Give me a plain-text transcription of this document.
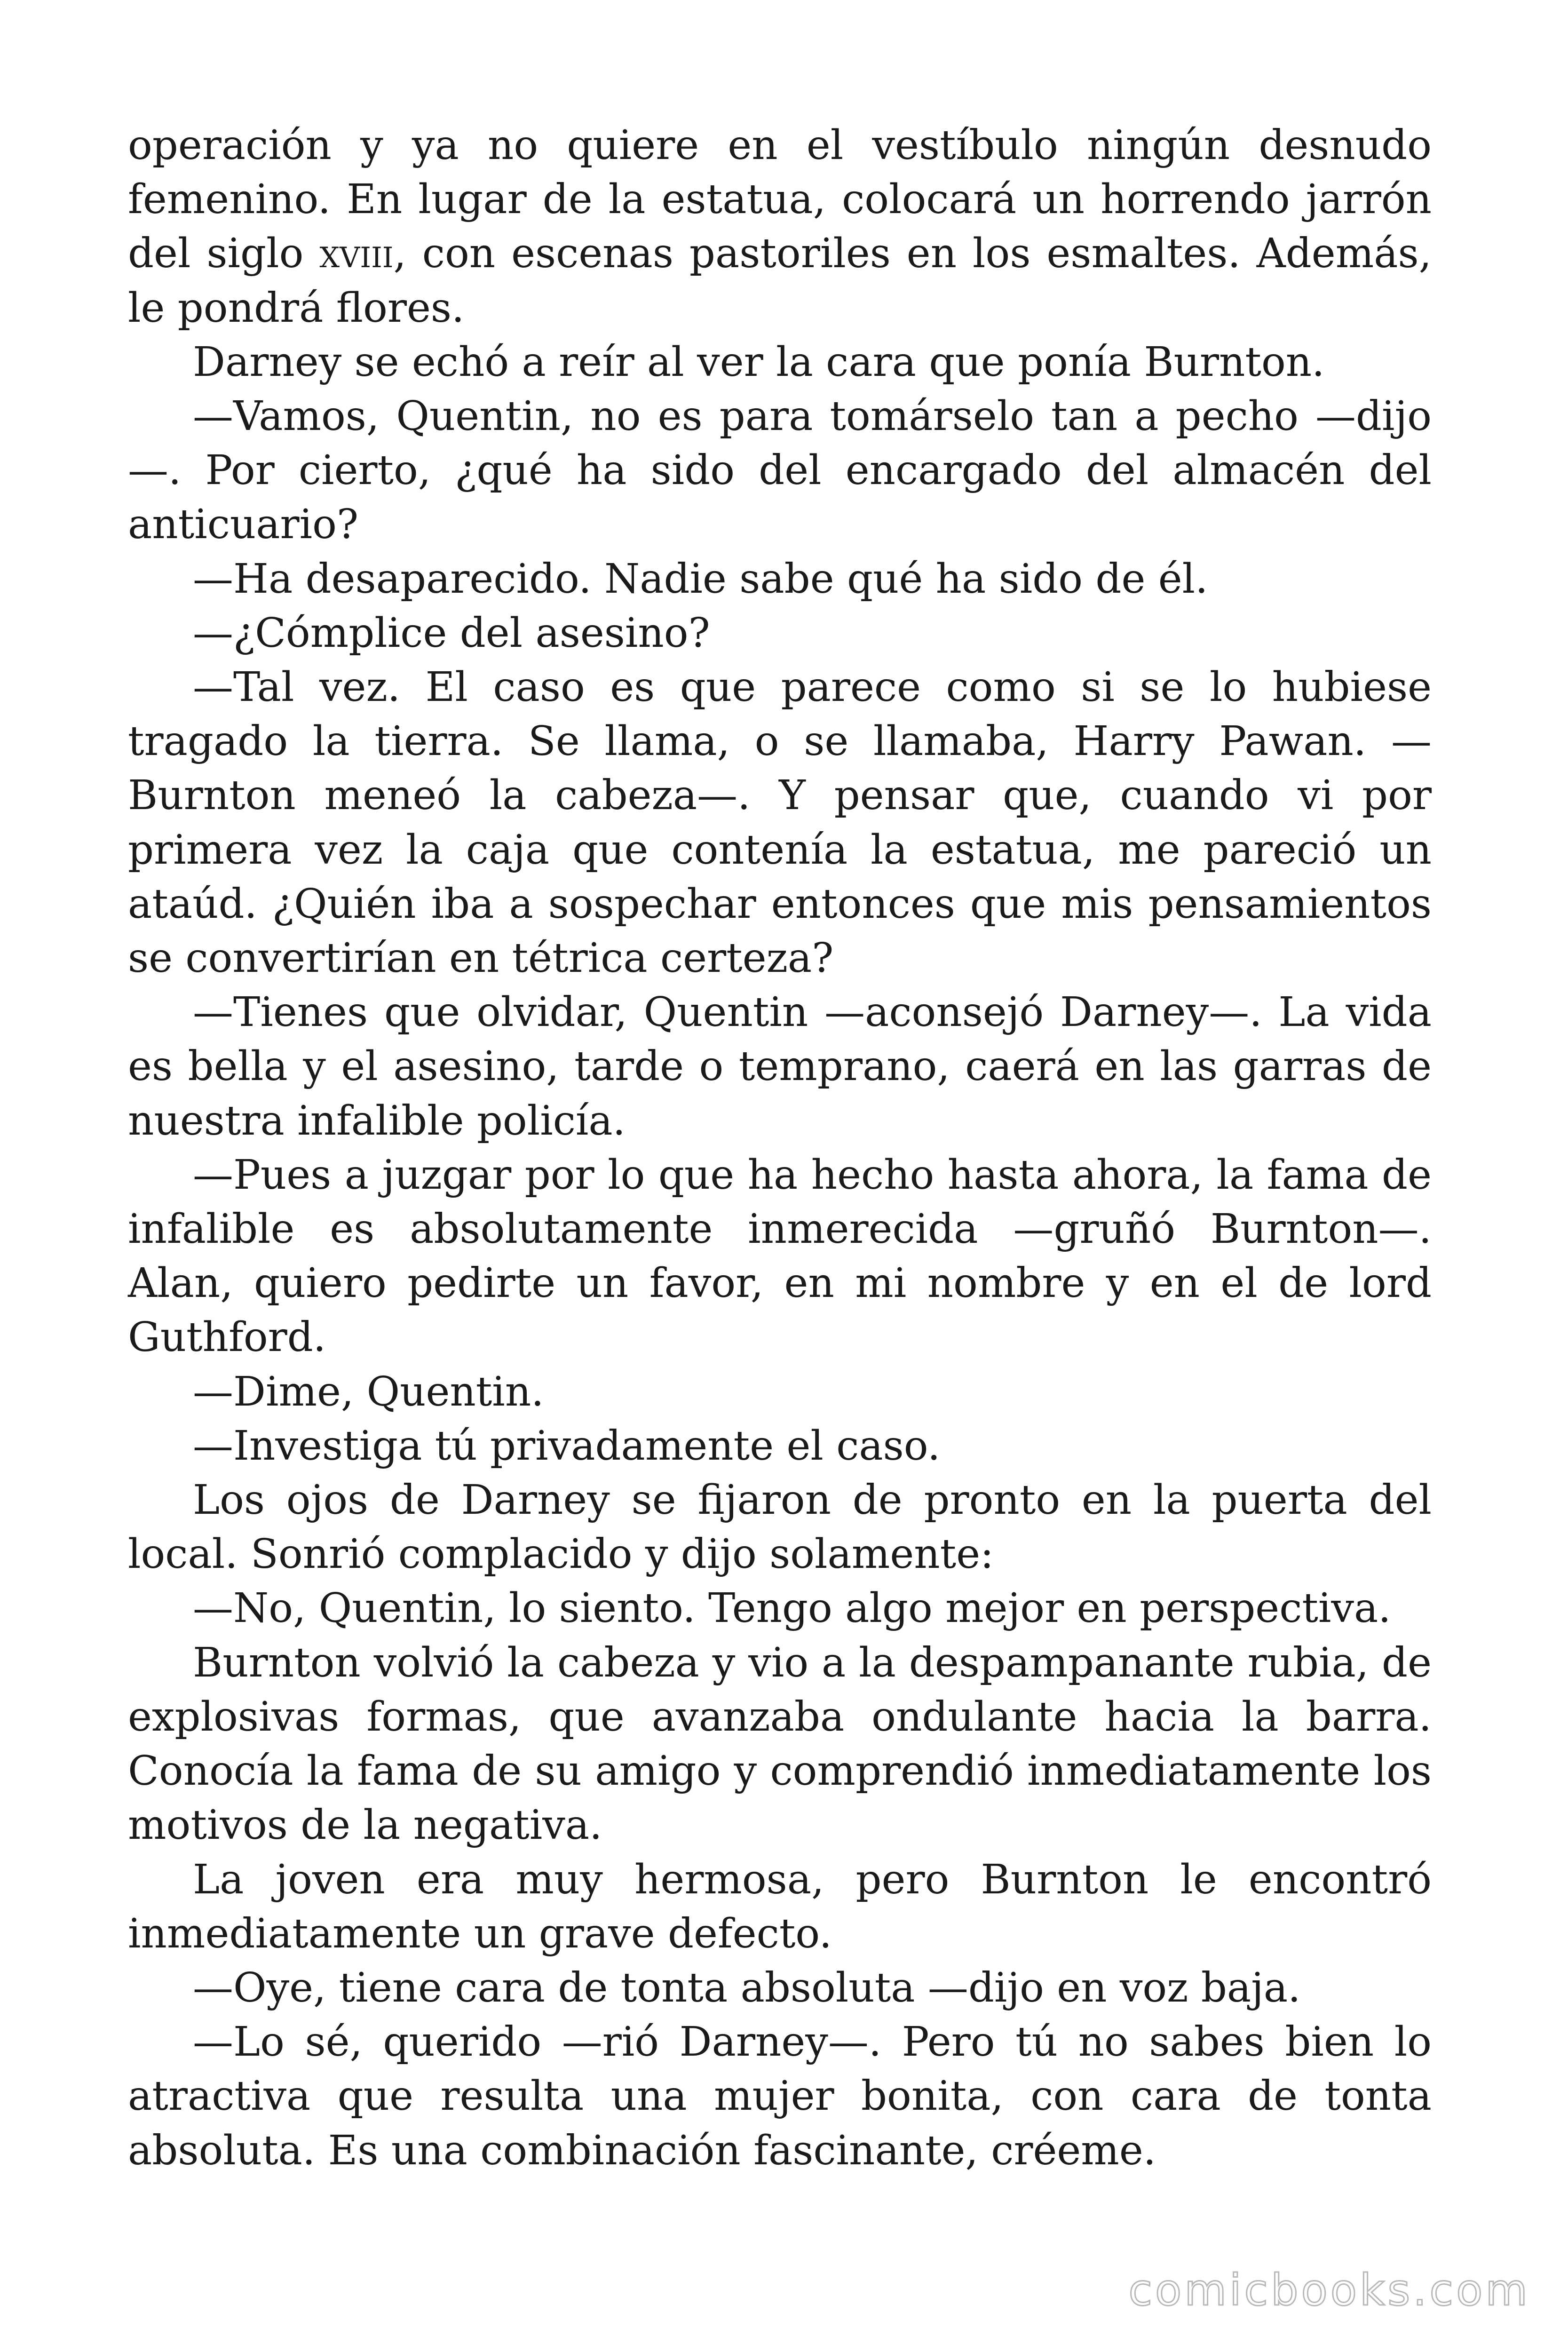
operación y ya no quiere en el vestíbulo ningún desnudo femenino. En lugar de la estatua, colocará un horrendo jarrón del siglo xviii, con escenas pastoriles en los esmaltes. Además, le pondrá flores.

Darney se echó a reír al ver la cara que ponía Burnton.

—Vamos, Quentin, no es para tomárselo tan a pecho —dijo—. Por cierto, ¿qué ha sido del encargado del almacén del anticuario?

—Ha desaparecido. Nadie sabe qué ha sido de él.

—¿Cómplice del asesino?

—Tal vez. El caso es que parece como si se lo hubiese tragado la tierra. Se llama, o se llamaba, Harry Pawan. —Burnton meneó la cabeza—. Y pensar que, cuando vi por primera vez la caja que contenía la estatua, me pareció un ataúd. ¿Quién iba a sospechar entonces que mis pensamientos se convertirían en tétrica certeza?

—Tienes que olvidar, Quentin —aconsejó Darney—. La vida es bella y el asesino, tarde o temprano, caerá en las garras de nuestra infalible policía.

—Pues a juzgar por lo que ha hecho hasta ahora, la fama de infalible es absolutamente inmerecida —gruñó Burnton—. Alan, quiero pedirte un favor, en mi nombre y en el de lord Guthford.

—Dime, Quentin.

—Investiga tú privadamente el caso.

Los ojos de Darney se fijaron de pronto en la puerta del local. Sonrió complacido y dijo solamente:

—No, Quentin, lo siento. Tengo algo mejor en perspectiva.

Burnton volvió la cabeza y vio a la despampanante rubia, de explosivas formas, que avanzaba ondulante hacia la barra. Conocía la fama de su amigo y comprendió inmediatamente los motivos de la negativa.

La joven era muy hermosa, pero Burnton le encontró inmediatamente un grave defecto.

—Oye, tiene cara de tonta absoluta —dijo en voz baja.

—Lo sé, querido —rió Darney—. Pero tú no sabes bien lo atractiva que resulta una mujer bonita, con cara de tonta absoluta. Es una combinación fascinante, créeme.

comicbooks.com
